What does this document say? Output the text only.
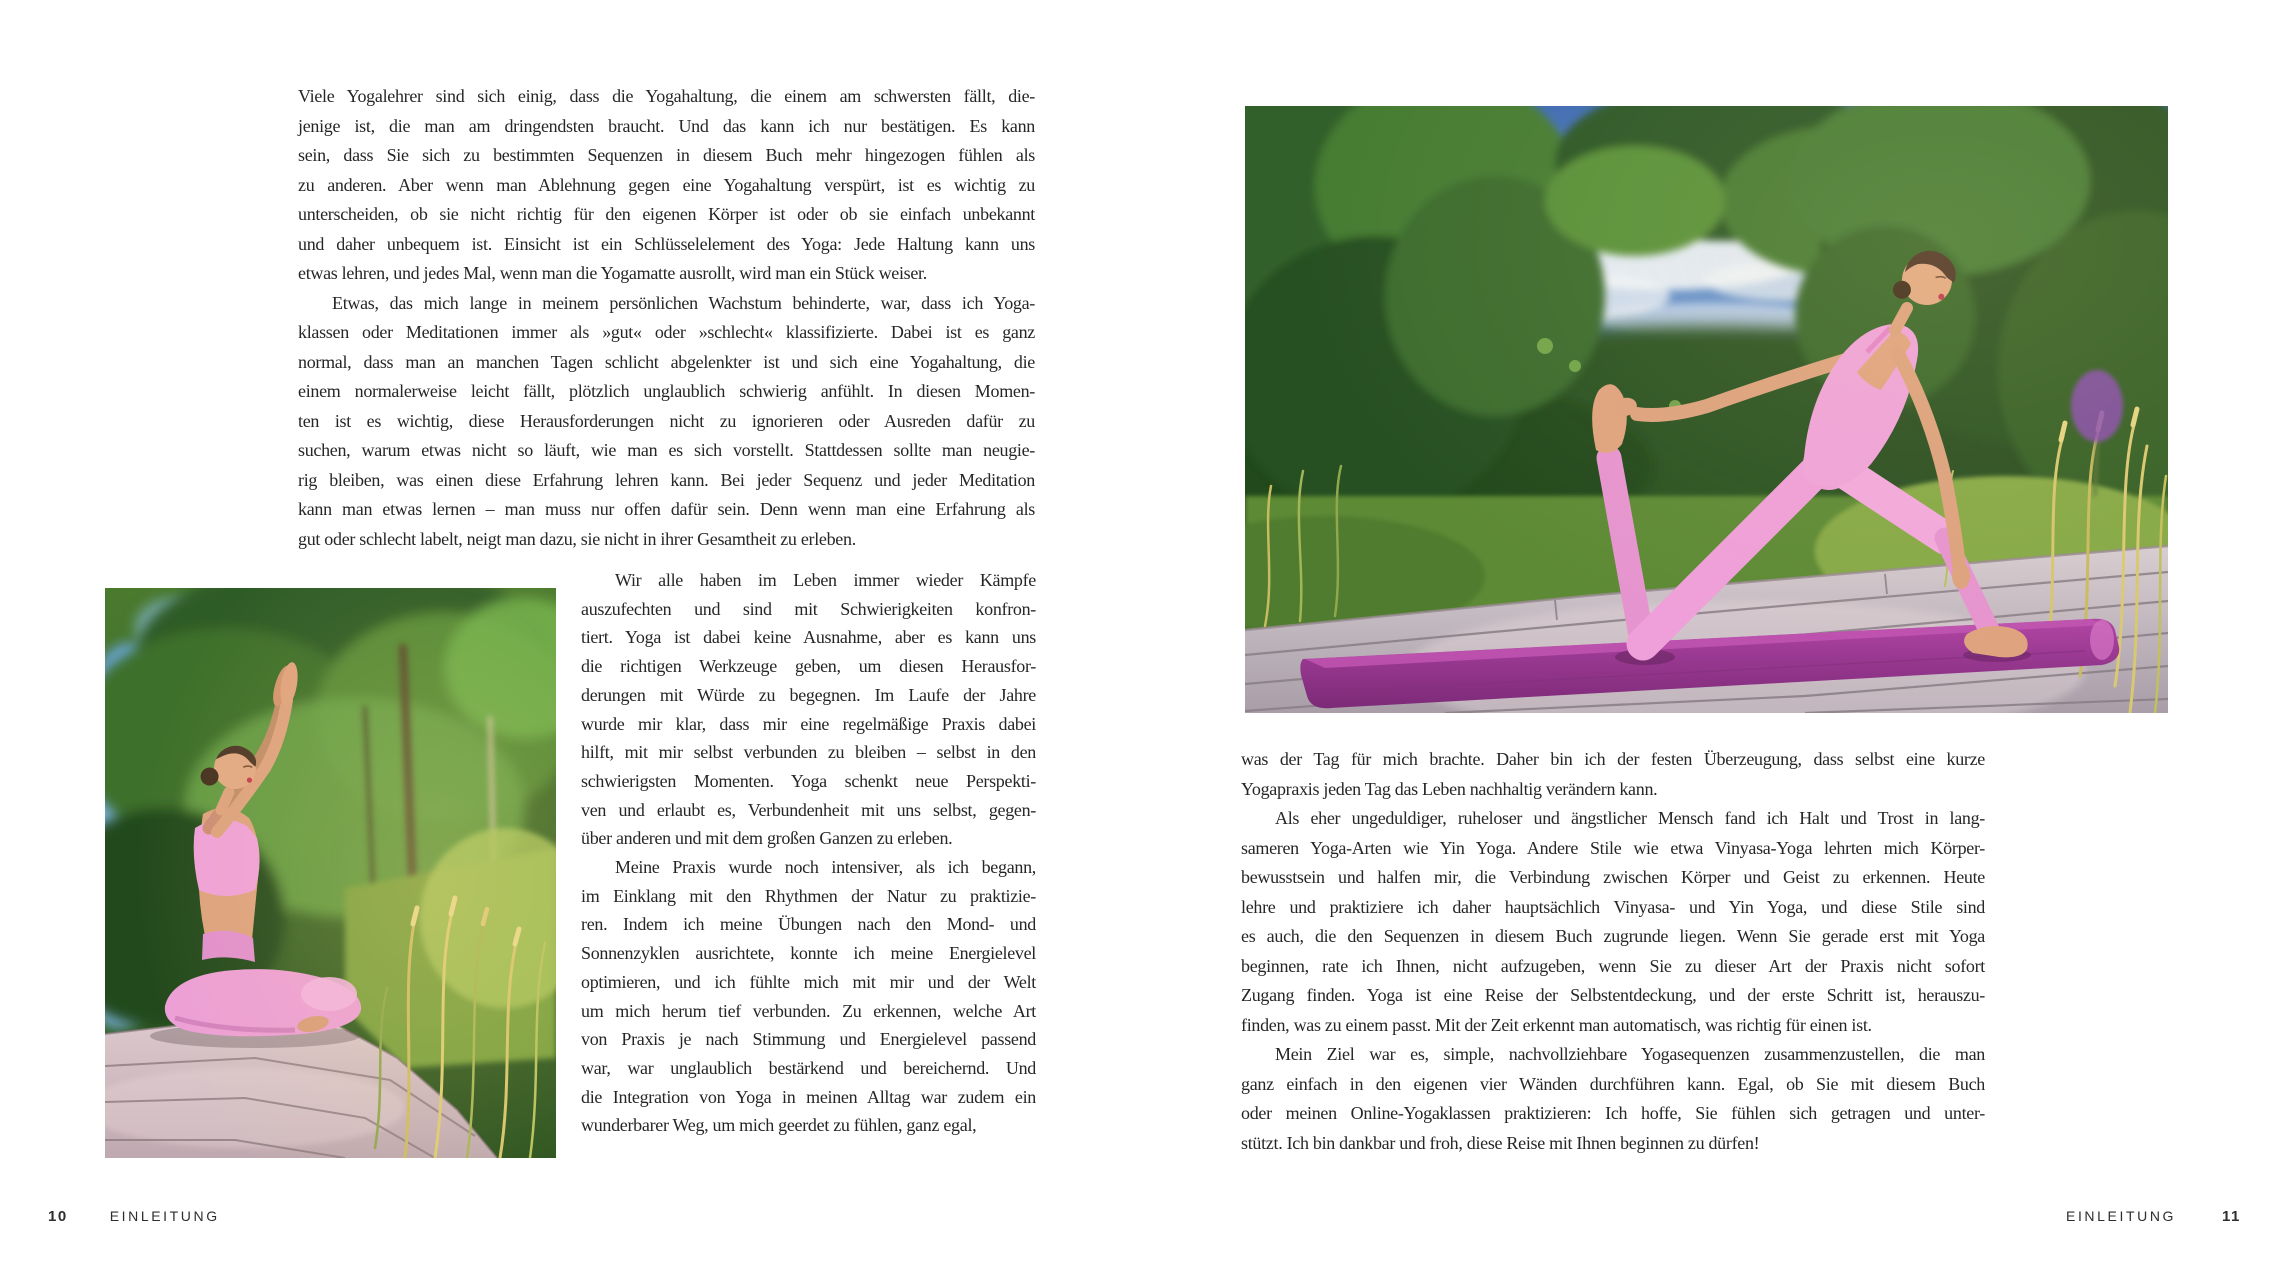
Viele Yogalehrer sind sich einig, dass die Yogahaltung, die einem am schwersten fällt, die-
jenige ist, die man am dringendsten braucht. Und das kann ich nur bestätigen. Es kann
sein, dass Sie sich zu bestimmten Sequenzen in diesem Buch mehr hingezogen fühlen als
zu anderen. Aber wenn man Ablehnung gegen eine Yogahaltung verspürt, ist es wichtig zu
unterscheiden, ob sie nicht richtig für den eigenen Körper ist oder ob sie einfach unbekannt
und daher unbequem ist. Einsicht ist ein Schlüsselelement des Yoga: Jede Haltung kann uns
etwas lehren, und jedes Mal, wenn man die Yogamatte ausrollt, wird man ein Stück weiser.
Etwas, das mich lange in meinem persönlichen Wachstum behinderte, war, dass ich Yoga-
klassen oder Meditationen immer als »gut« oder »schlecht« klassifizierte. Dabei ist es ganz
normal, dass man an manchen Tagen schlicht abgelenkter ist und sich eine Yogahaltung, die
einem normalerweise leicht fällt, plötzlich unglaublich schwierig anfühlt. In diesen Momen-
ten ist es wichtig, diese Herausforderungen nicht zu ignorieren oder Ausreden dafür zu
suchen, warum etwas nicht so läuft, wie man es sich vorstellt. Stattdessen sollte man neugie-
rig bleiben, was einen diese Erfahrung lehren kann. Bei jeder Sequenz und jeder Meditation
kann man etwas lernen – man muss nur offen dafür sein. Denn wenn man eine Erfahrung als
gut oder schlecht labelt, neigt man dazu, sie nicht in ihrer Gesamtheit zu erleben.
Wir alle haben im Leben immer wieder Kämpfe
auszufechten und sind mit Schwierigkeiten konfron-
tiert. Yoga ist dabei keine Ausnahme, aber es kann uns
die richtigen Werkzeuge geben, um diesen Herausfor-
derungen mit Würde zu begegnen. Im Laufe der Jahre
wurde mir klar, dass mir eine regelmäßige Praxis dabei
hilft, mit mir selbst verbunden zu bleiben – selbst in den
schwierigsten Momenten. Yoga schenkt neue Perspekti-
ven und erlaubt es, Verbundenheit mit uns selbst, gegen-
über anderen und mit dem großen Ganzen zu erleben.
Meine Praxis wurde noch intensiver, als ich begann,
im Einklang mit den Rhythmen der Natur zu praktizie-
ren. Indem ich meine Übungen nach den Mond- und
Sonnenzyklen ausrichtete, konnte ich meine Energielevel
optimieren, und ich fühlte mich mit mir und der Welt
um mich herum tief verbunden. Zu erkennen, welche Art
von Praxis je nach Stimmung und Energielevel passend
war, war unglaublich bestärkend und bereichernd. Und
die Integration von Yoga in meinen Alltag war zudem ein
wunderbarer Weg, um mich geerdet zu fühlen, ganz egal,
10	EINLEITUNG
was der Tag für mich brachte. Daher bin ich der festen Überzeugung, dass selbst eine kurze
Yogapraxis jeden Tag das Leben nachhaltig verändern kann.
Als eher ungeduldiger, ruheloser und ängstlicher Mensch fand ich Halt und Trost in lang-
sameren Yoga-Arten wie Yin Yoga. Andere Stile wie etwa Vinyasa-Yoga lehrten mich Körper-
bewusstsein und halfen mir, die Verbindung zwischen Körper und Geist zu erkennen. Heute
lehre und praktiziere ich daher hauptsächlich Vinyasa- und Yin Yoga, und diese Stile sind
es auch, die den Sequenzen in diesem Buch zugrunde liegen. Wenn Sie gerade erst mit Yoga
beginnen, rate ich Ihnen, nicht aufzugeben, wenn Sie zu dieser Art der Praxis nicht sofort
Zugang finden. Yoga ist eine Reise der Selbstentdeckung, und der erste Schritt ist, herauszu-
finden, was zu einem passt. Mit der Zeit erkennt man automatisch, was richtig für einen ist.
Mein Ziel war es, simple, nachvollziehbare Yogasequenzen zusammenzustellen, die man
ganz einfach in den eigenen vier Wänden durchführen kann. Egal, ob Sie mit diesem Buch
oder meinen Online-Yogaklassen praktizieren: Ich hoffe, Sie fühlen sich getragen und unter-
stützt. Ich bin dankbar und froh, diese Reise mit Ihnen beginnen zu dürfen!
EINLEITUNG	11
